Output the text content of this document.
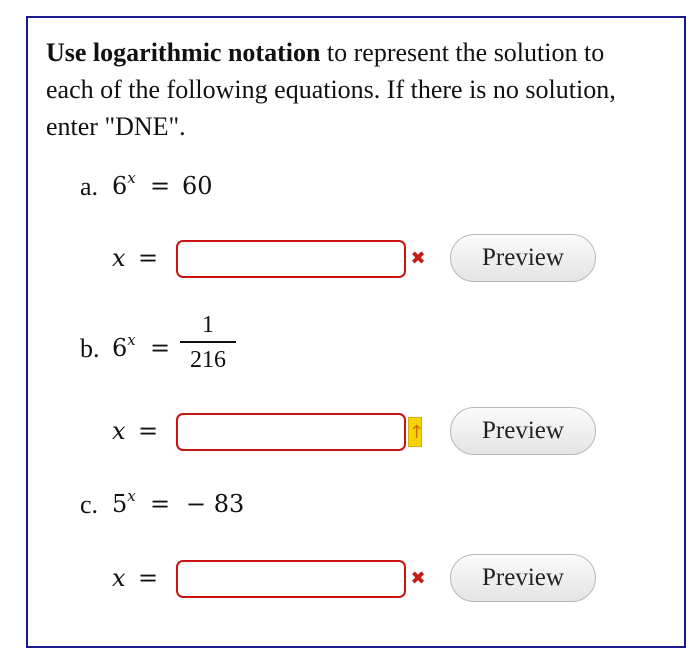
Use logarithmic notation to represent the solution to
each of the following equations. If there is no solution,
enter "DNE".
a. $6^x = 60$
x =	✖	Preview
b. $6^x$ =
1
216
x =	↑	Preview
c. $5^x$ = − 83
x =	✖	Preview
